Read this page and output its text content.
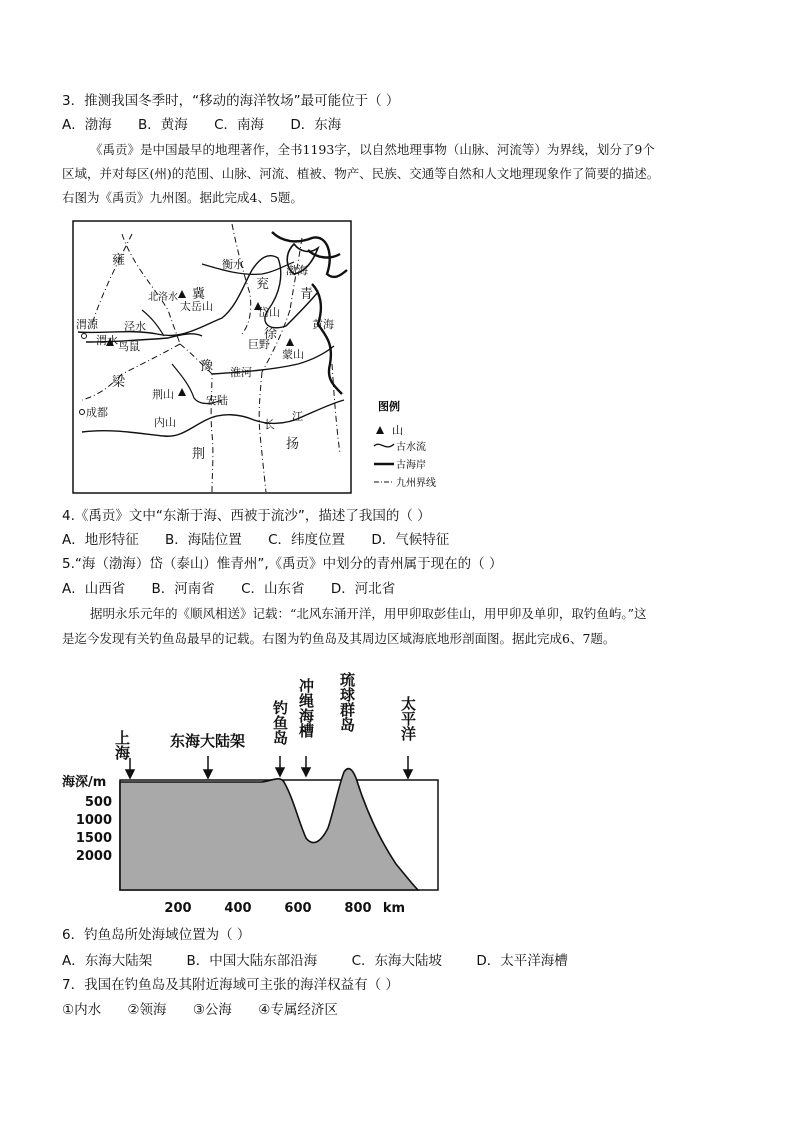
3．推测我国冬季时，“移动的海洋牧场”最可能位于（ ）
A．渤海 B．黄海 C．南海 D．东海
《禹贡》是中国最早的地理著作，全书1193字，以自然地理事物（山脉、河流等）为界线，划分了9个
区域，并对每区(州)的范围、山脉、河流、植被、物产、民族、交通等自然和人文地理现象作了简要的描述。
右图为《禹贡》九州图。据此完成4、5题。
雍
冀
兖
青
徐
豫
梁
荆
扬
渭水
泾水
北洛水
渤海
黄海
淮河
长
江
衡水
太岳山	岱山
蒙山
荆山
内山
安陆
渭源
鸟鼠
成都
巨野
图例
山
古水流
古海岸
九州界线
4.《禹贡》文中“东渐于海、西被于流沙”，描述了我国的（ ）
A．地形特征 B．海陆位置 C．纬度位置 D．气候特征
5.“海（渤海）岱（泰山）惟青州”,《禹贡》中划分的青州属于现在的（ ）
A．山西省 B．河南省 C．山东省 D．河北省
据明永乐元年的《顺风相送》记载：“北风东涌开洋，用甲卯取彭佳山，用甲卯及单卯，取钓鱼屿。”这
是迄今发现有关钓鱼岛最早的记载。右图为钓鱼岛及其周边区域海底地形剖面图。据此完成6、7题。
上海	东海大陆架 钓鱼岛 冲绳海槽 琉球群岛	太平洋
海深/m
500
1000
1500
2000
200	400	600	800 km
6．钓鱼岛所处海域位置为（ ）
A．东海大陆架	B．中国大陆东部沿海	C．东海大陆坡	D．太平洋海槽
7．我国在钓鱼岛及其附近海域可主张的海洋权益有（ ）
①内水 ②领海 ③公海 ④专属经济区
